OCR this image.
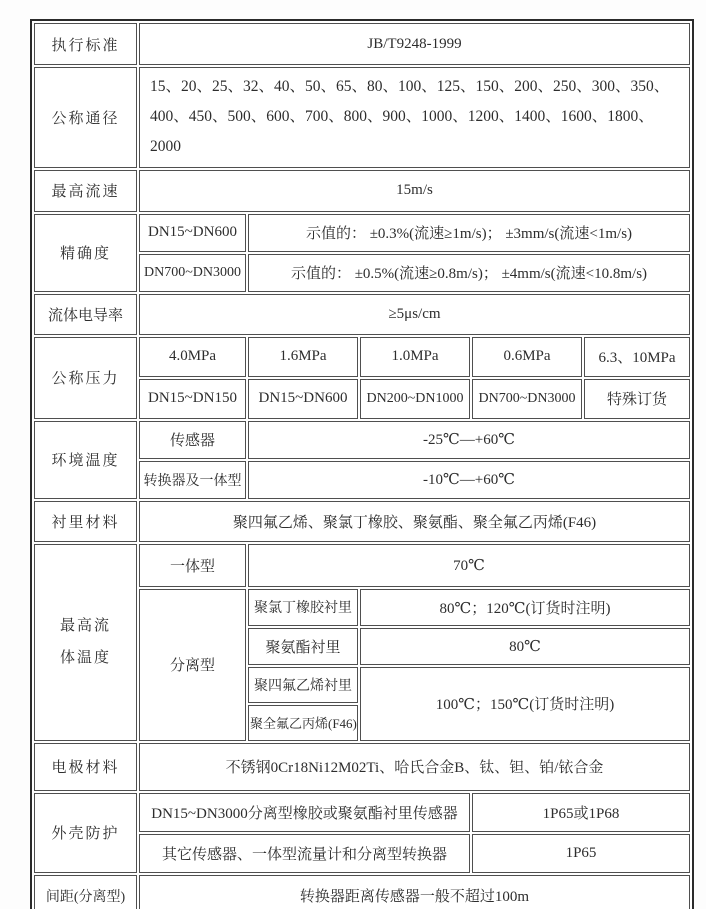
执行标准	JB/T9248-1999				
公称通径	15、20、25、32、40、50、65、80、100、125、150、200、250、300、350、400、450、500、600、700、800、900、1000、1200、1400、1600、1800、2000				
最高流速	15m/s				
精确度	DN15~DN600	示值的： ±0.3%(流速≥1m/s)； ±3mm/s(流速<1m/s)			
	DN700~DN3000	示值的： ±0.5%(流速≥0.8m/s)； ±4mm/s(流速<10.8m/s)			
流体电导率	≥5μs/cm				
公称压力	4.0MPa	1.6MPa	1.0MPa	0.6MPa	6.3、10MPa
	DN15~DN150	DN15~DN600	DN200~DN1000	DN700~DN3000	特殊订货
环境温度	传感器	-25℃—+60℃			
	转换器及一体型	-10℃—+60℃			
衬里材料	聚四氟乙烯、聚氯丁橡胶、聚氨酯、聚全氟乙丙烯(F46)				
最高流体温度	一体型	70℃			
	分离型	聚氯丁橡胶衬里	80℃；120℃(订货时注明)		
		聚氨酯衬里	80℃		
		聚四氟乙烯衬里	100℃；150℃(订货时注明)		
		聚全氟乙丙烯(F46)			
电极材料	不锈钢0Cr18Ni12M02Ti、哈氏合金B、钛、钽、铂/铱合金				
外壳防护	DN15~DN3000分离型橡胶或聚氨酯衬里传感器			1P65或1P68	
	其它传感器、一体型流量计和分离型转换器			1P65	
间距(分离型)	转换器距离传感器一般不超过100m				
